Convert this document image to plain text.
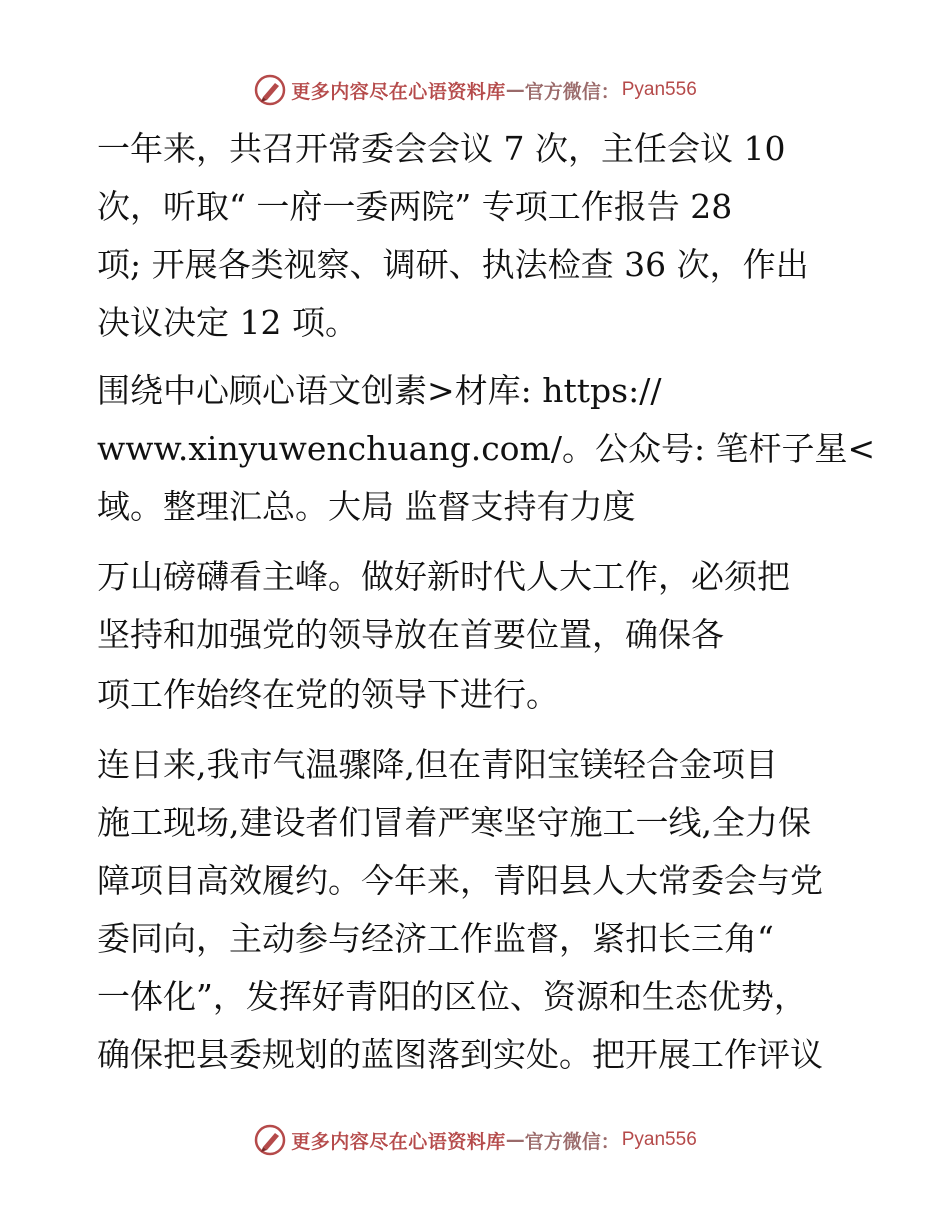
更多内容尽在心语资料库 — 官方微信： Pyan556
一年来，共召开常委会会议 7 次，主任会议 10
次，听取“ 一府一委两院” 专项工作报告 28
项; 开展各类视察、调研、执法检查 36 次，作出
决议决定 12 项。
围绕中心顾心语文创素>材库: https://
www.xinyuwenchuang.com/。公众号: 笔杆子星<
域。整理汇总。大局 监督支持有力度
万山磅礴看主峰。做好新时代人大工作，必须把
坚持和加强党的领导放在首要位置，确保各
项工作始终在党的领导下进行。
连日来,我市气温骤降,但在青阳宝镁轻合金项目
施工现场,建设者们冒着严寒坚守施工一线,全力保
障项目高效履约。今年来，青阳县人大常委会与党
委同向，主动参与经济工作监督，紧扣长三角“
一体化”，发挥好青阳的区位、资源和生态优势，
确保把县委规划的蓝图落到实处。把开展工作评议
更多内容尽在心语资料库 — 官方微信： Pyan556
